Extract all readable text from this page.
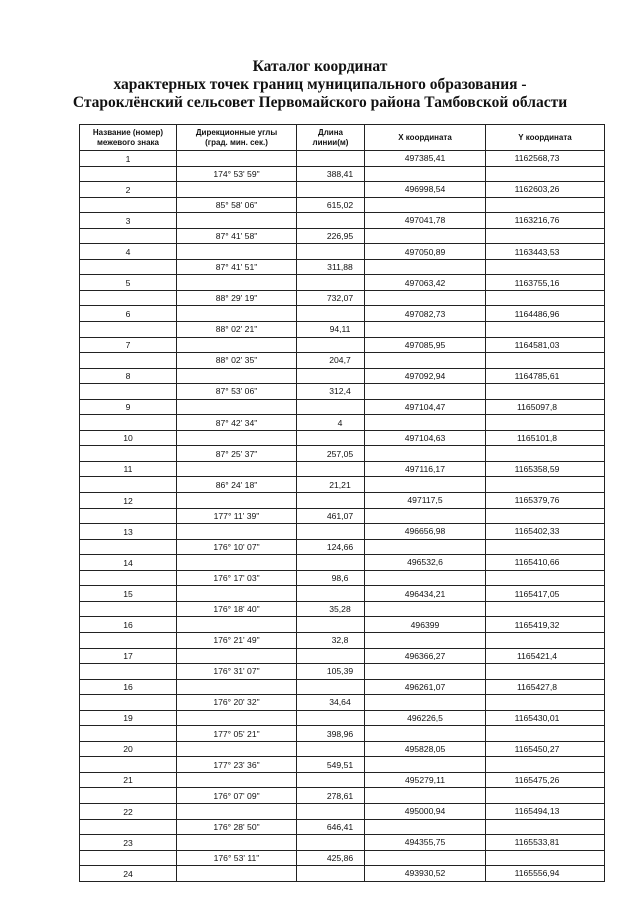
Каталог координат
характерных точек границ муниципального образования -
Староклёнский сельсовет Первомайского района Тамбовской области
Название (номер)
межевого знака	Дирекционные углы
(град. мин. сек.)	Длина
линии(м)	Х координата	Y координата
1			497385,41	1162568,73
	174° 53' 59"	388,41		
2			496998,54	1162603,26
	85° 58' 06"	615,02		
3			497041,78	1163216,76
	87° 41' 58"	226,95		
4			497050,89	1163443,53
	87° 41' 51"	311,88		
5			497063,42	1163755,16
	88° 29' 19"	732,07		
6			497082,73	1164486,96
	88° 02' 21"	94,11		
7			497085,95	1164581,03
	88° 02' 35"	204,7		
8			497092,94	1164785,61
	87° 53' 06"	312,4		
9			497104,47	1165097,8
	87° 42' 34"	4		
10			497104,63	1165101,8
	87° 25' 37"	257,05		
11			497116,17	1165358,59
	86° 24' 18"	21,21		
12			497117,5	1165379,76
	177° 11' 39"	461,07		
13			496656,98	1165402,33
	176° 10' 07"	124,66		
14			496532,6	1165410,66
	176° 17' 03"	98,6		
15			496434,21	1165417,05
	176° 18' 40"	35,28		
16			496399	1165419,32
	176° 21' 49"	32,8		
17			496366,27	1165421,4
	176° 31' 07"	105,39		
16			496261,07	1165427,8
	176° 20' 32"	34,64		
19			496226,5	1165430,01
	177° 05' 21"	398,96		
20			495828,05	1165450,27
	177° 23' 36"	549,51		
21			495279,11	1165475,26
	176° 07' 09"	278,61		
22			495000,94	1165494,13
	176° 28' 50"	646,41		
23			494355,75	1165533,81
	176° 53' 11"	425,86		
24			493930,52	1165556,94
